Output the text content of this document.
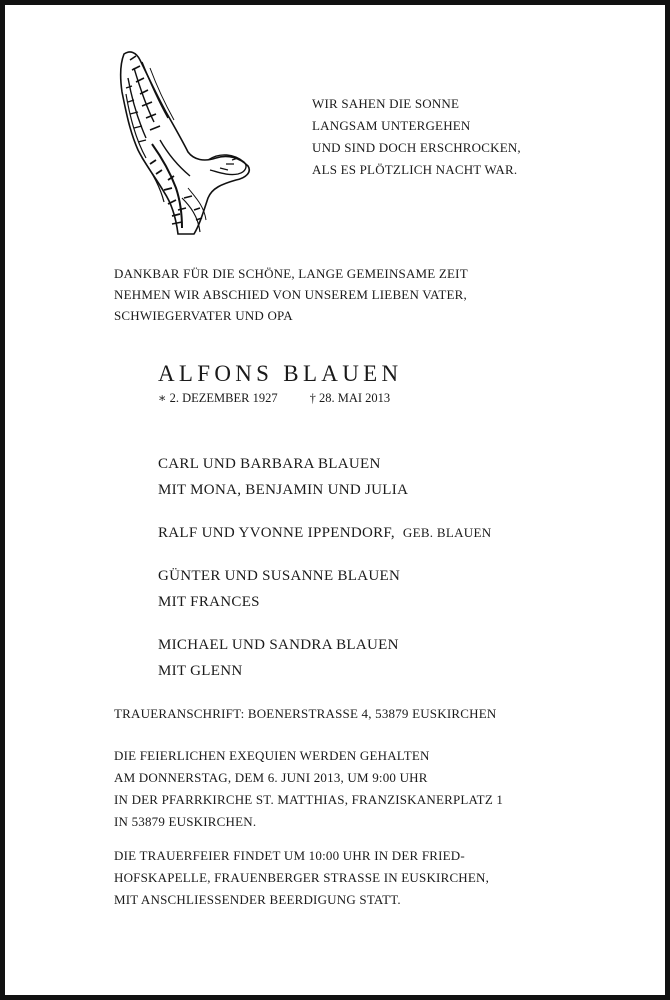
WIR SAHEN DIE SONNE
LANGSAM UNTERGEHEN
UND SIND DOCH ERSCHROCKEN,
ALS ES PLÖTZLICH NACHT WAR.
DANKBAR FÜR DIE SCHÖNE, LANGE GEMEINSAME ZEIT
NEHMEN WIR ABSCHIED VON UNSEREM LIEBEN VATER,
SCHWIEGERVATER UND OPA
ALFONS BLAUEN
∗ 2. DEZEMBER 1927	† 28. MAI 2013
CARL UND BARBARA BLAUEN
MIT MONA, BENJAMIN UND JULIA
RALF UND YVONNE IPPENDORF, GEB. BLAUEN
GÜNTER UND SUSANNE BLAUEN
MIT FRANCES
MICHAEL UND SANDRA BLAUEN
MIT GLENN
TRAUERANSCHRIFT: BOENERSTRASSE 4, 53879 EUSKIRCHEN
DIE FEIERLICHEN EXEQUIEN WERDEN GEHALTEN
AM DONNERSTAG, DEM 6. JUNI 2013, UM 9:00 UHR
IN DER PFARRKIRCHE ST. MATTHIAS, FRANZISKANERPLATZ 1
IN 53879 EUSKIRCHEN.
DIE TRAUERFEIER FINDET UM 10:00 UHR IN DER FRIED-
HOFSKAPELLE, FRAUENBERGER STRASSE IN EUSKIRCHEN,
MIT ANSCHLIESSENDER BEERDIGUNG STATT.
